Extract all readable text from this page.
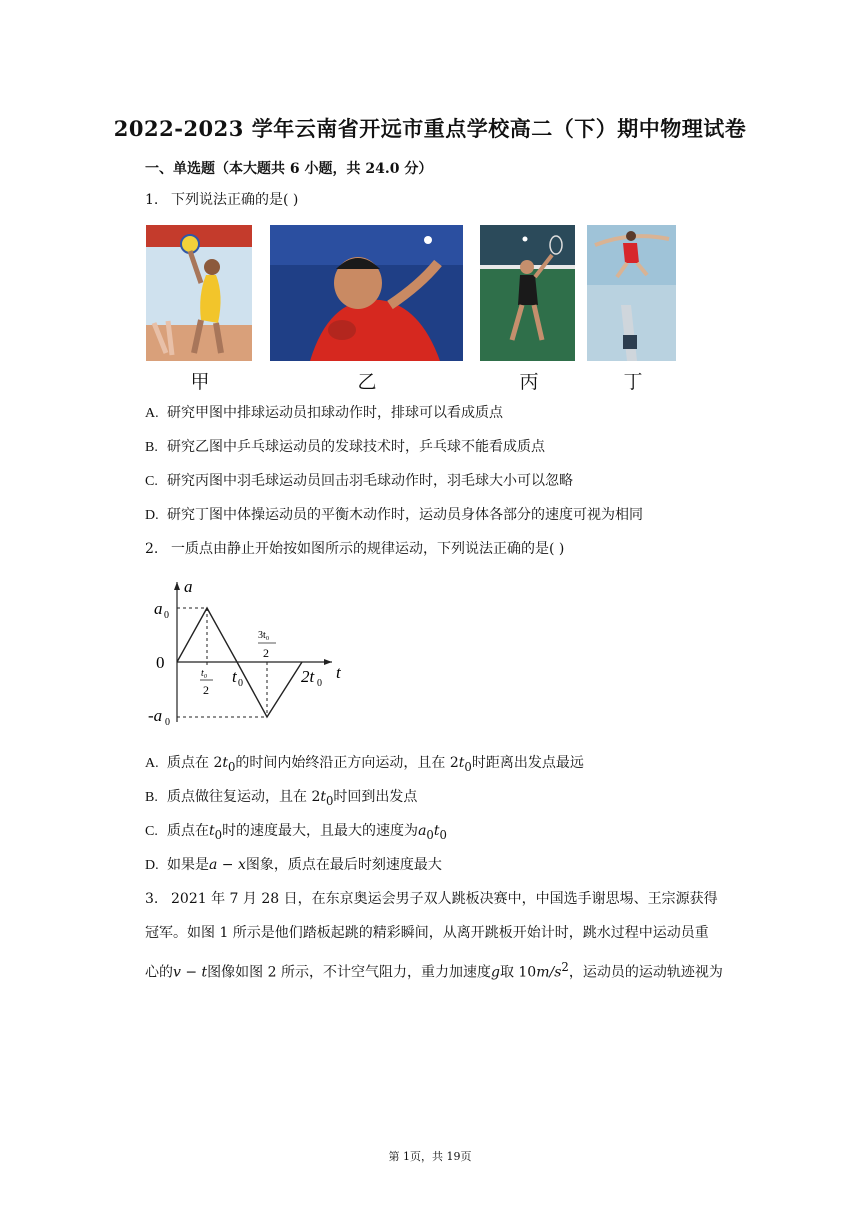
2022-2023 学年云南省开远市重点学校高二（下）期中物理试卷
一、单选题（本大题共 6 小题，共 24.0 分）
1. 下列说法正确的是( )
甲	乙	丙	丁
A. 研究甲图中排球运动员扣球动作时，排球可以看成质点
B. 研究乙图中乒乓球运动员的发球技术时，乒乓球不能看成质点
C. 研究丙图中羽毛球运动员回击羽毛球动作时，羽毛球大小可以忽略
D. 研究丁图中体操运动员的平衡木动作时，运动员身体各部分的速度可视为相同
2. 一质点由静止开始按如图所示的规律运动，下列说法正确的是( )
a
t
0
a 0
-a 0
t₀
2
t 0
3t₀
2
2t 0
A. 质点在 $2t_0$的时间内始终沿正方向运动，且在 $2t_0$时距离出发点最远
B. 质点做往复运动，且在 $2t_0$时回到出发点
C. 质点在$t_0$时的速度最大，且最大的速度为$a_0t_0$
D. 如果是a − x图象，质点在最后时刻速度最大
3. 2021 年 7 月 28 日，在东京奥运会男子双人跳板决赛中，中国选手谢思埸、王宗源获得
冠军。如图 1 所示是他们踏板起跳的精彩瞬间，从离开跳板开始计时，跳水过程中运动员重
心的v − t图像如图 2 所示，不计空气阻力，重力加速度g取 $10m/s^2$，运动员的运动轨迹视为
第 1页，共 19页
